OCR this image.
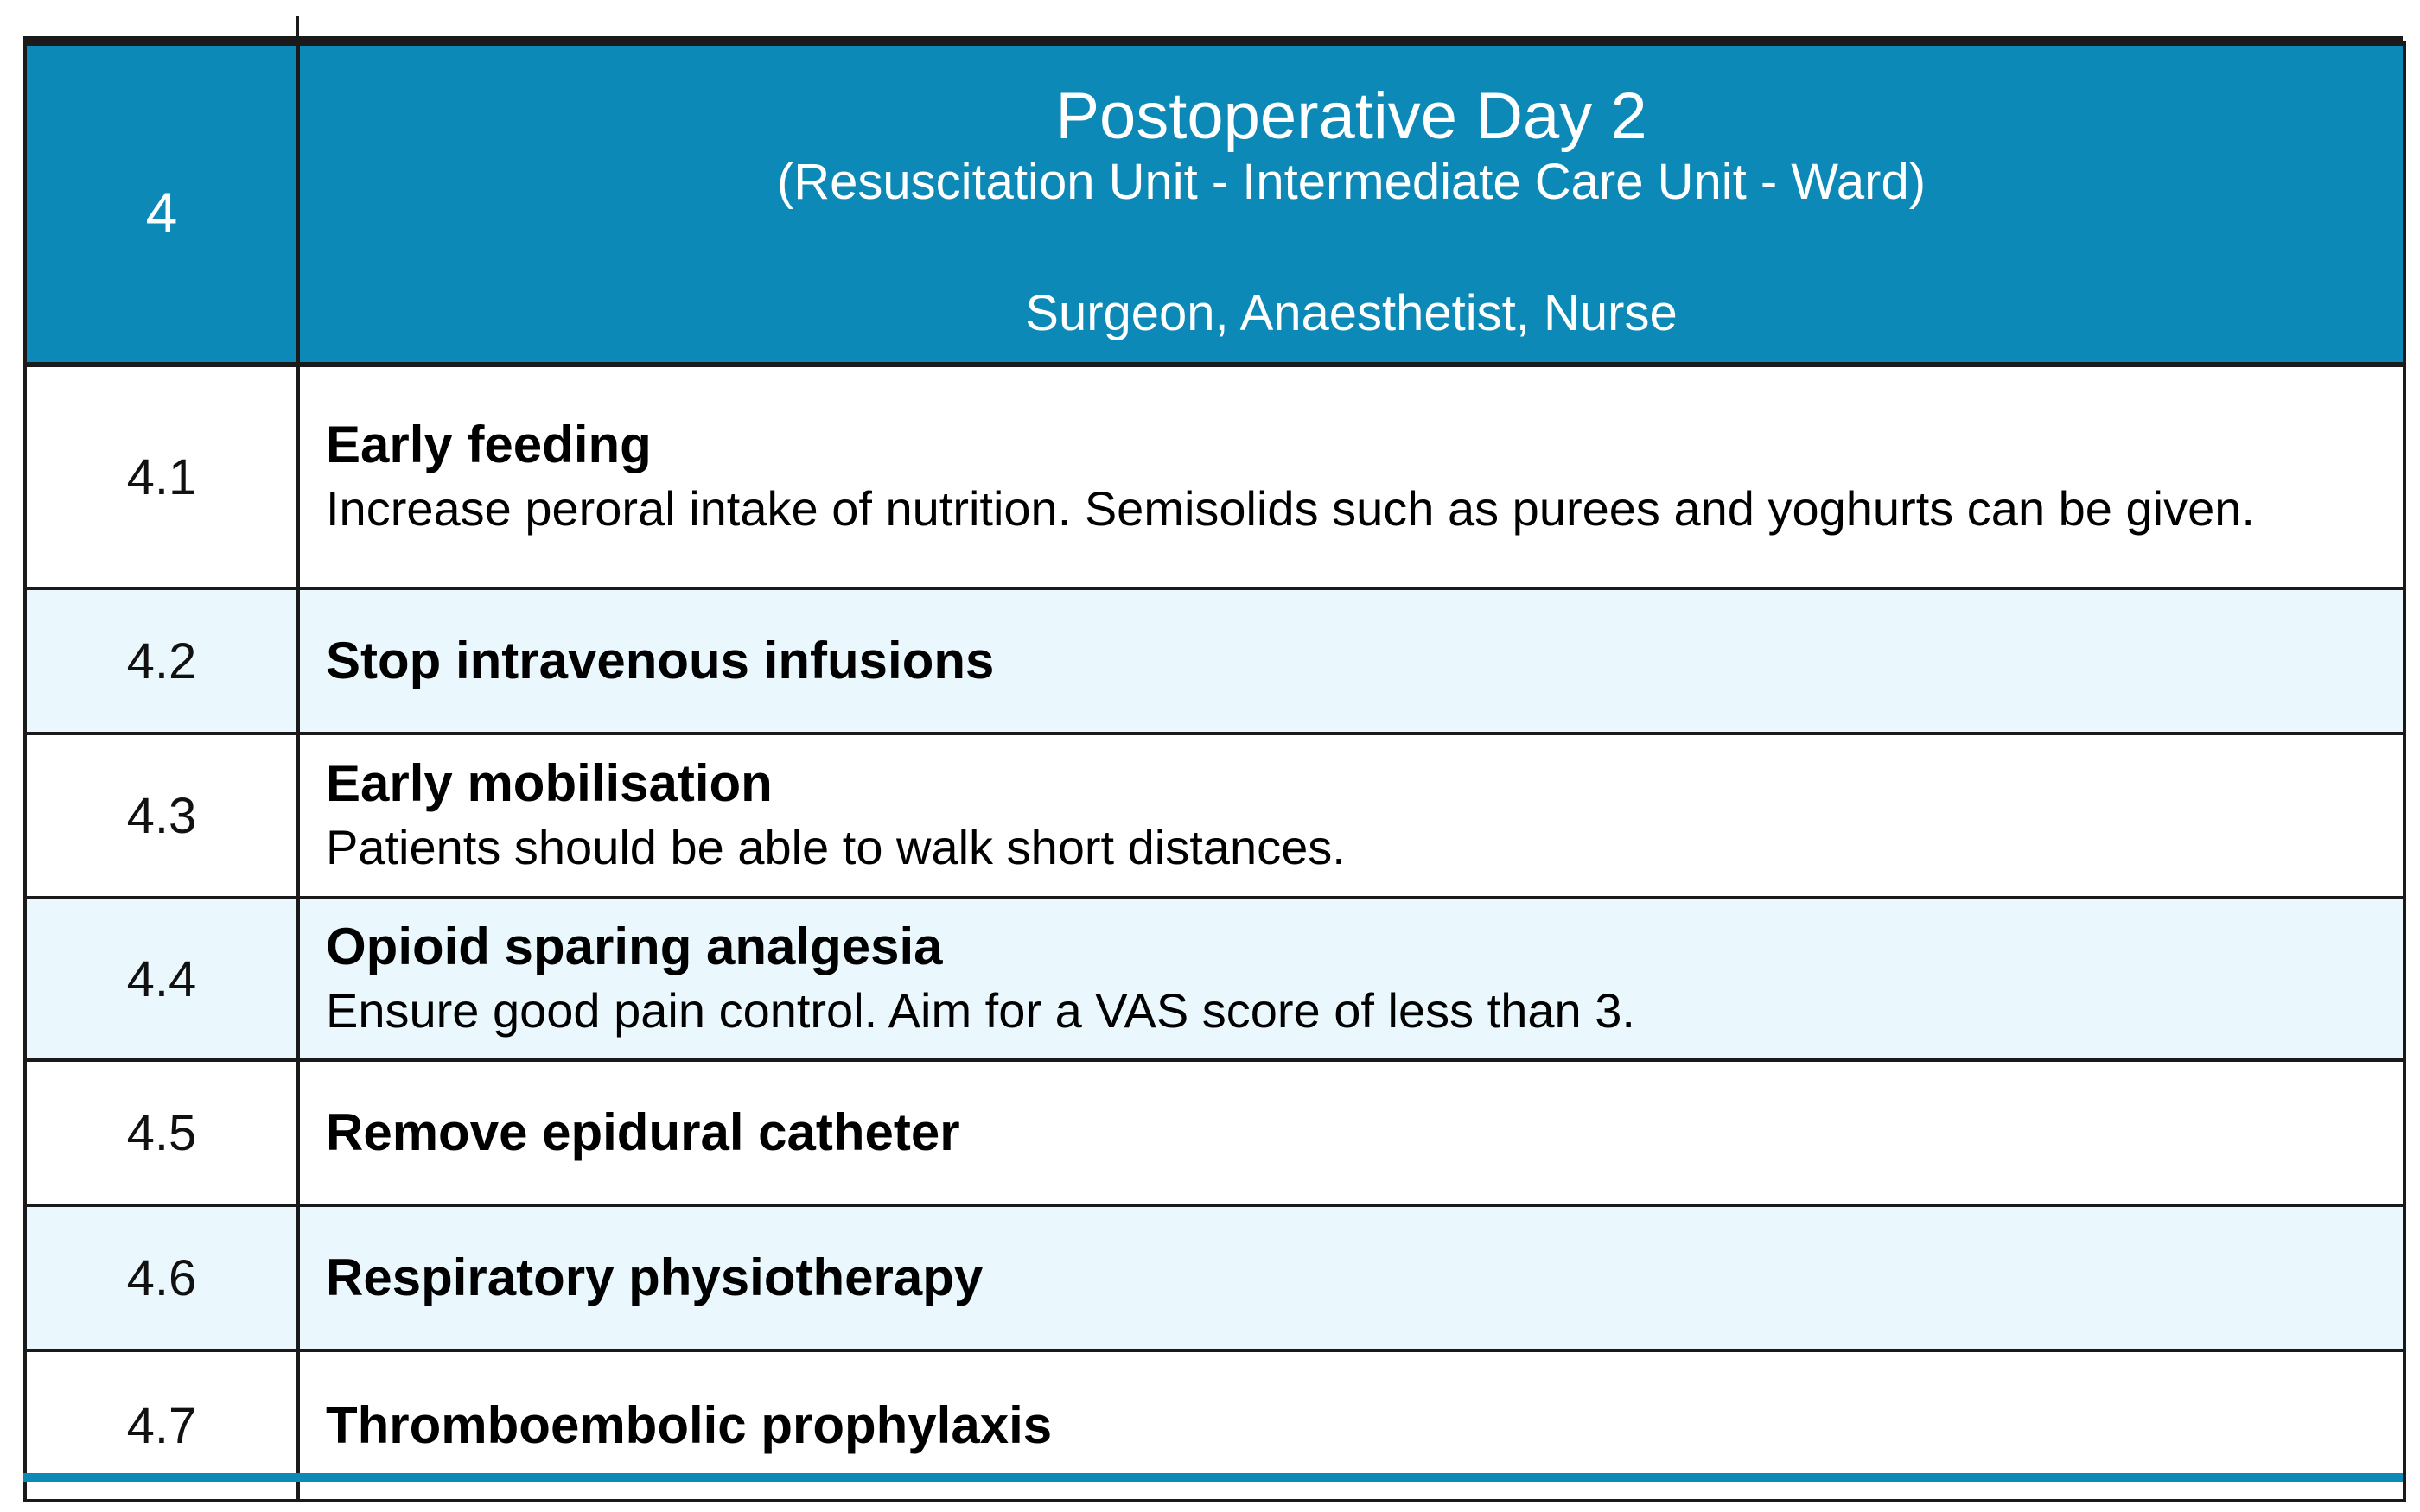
4	Postoperative Day 2
(Resuscitation Unit - Intermediate Care Unit - Ward)
Surgeon, Anaesthetist, Nurse

4.1	Early feeding
Increase peroral intake of nutrition. Semisolids such as purees and yoghurts can be given.

4.2	Stop intravenous infusions

4.3	Early mobilisation
Patients should be able to walk short distances.

4.4	Opioid sparing analgesia
Ensure good pain control. Aim for a VAS score of less than 3.

4.5	Remove epidural catheter

4.6	Respiratory physiotherapy

4.7	Thromboembolic prophylaxis
